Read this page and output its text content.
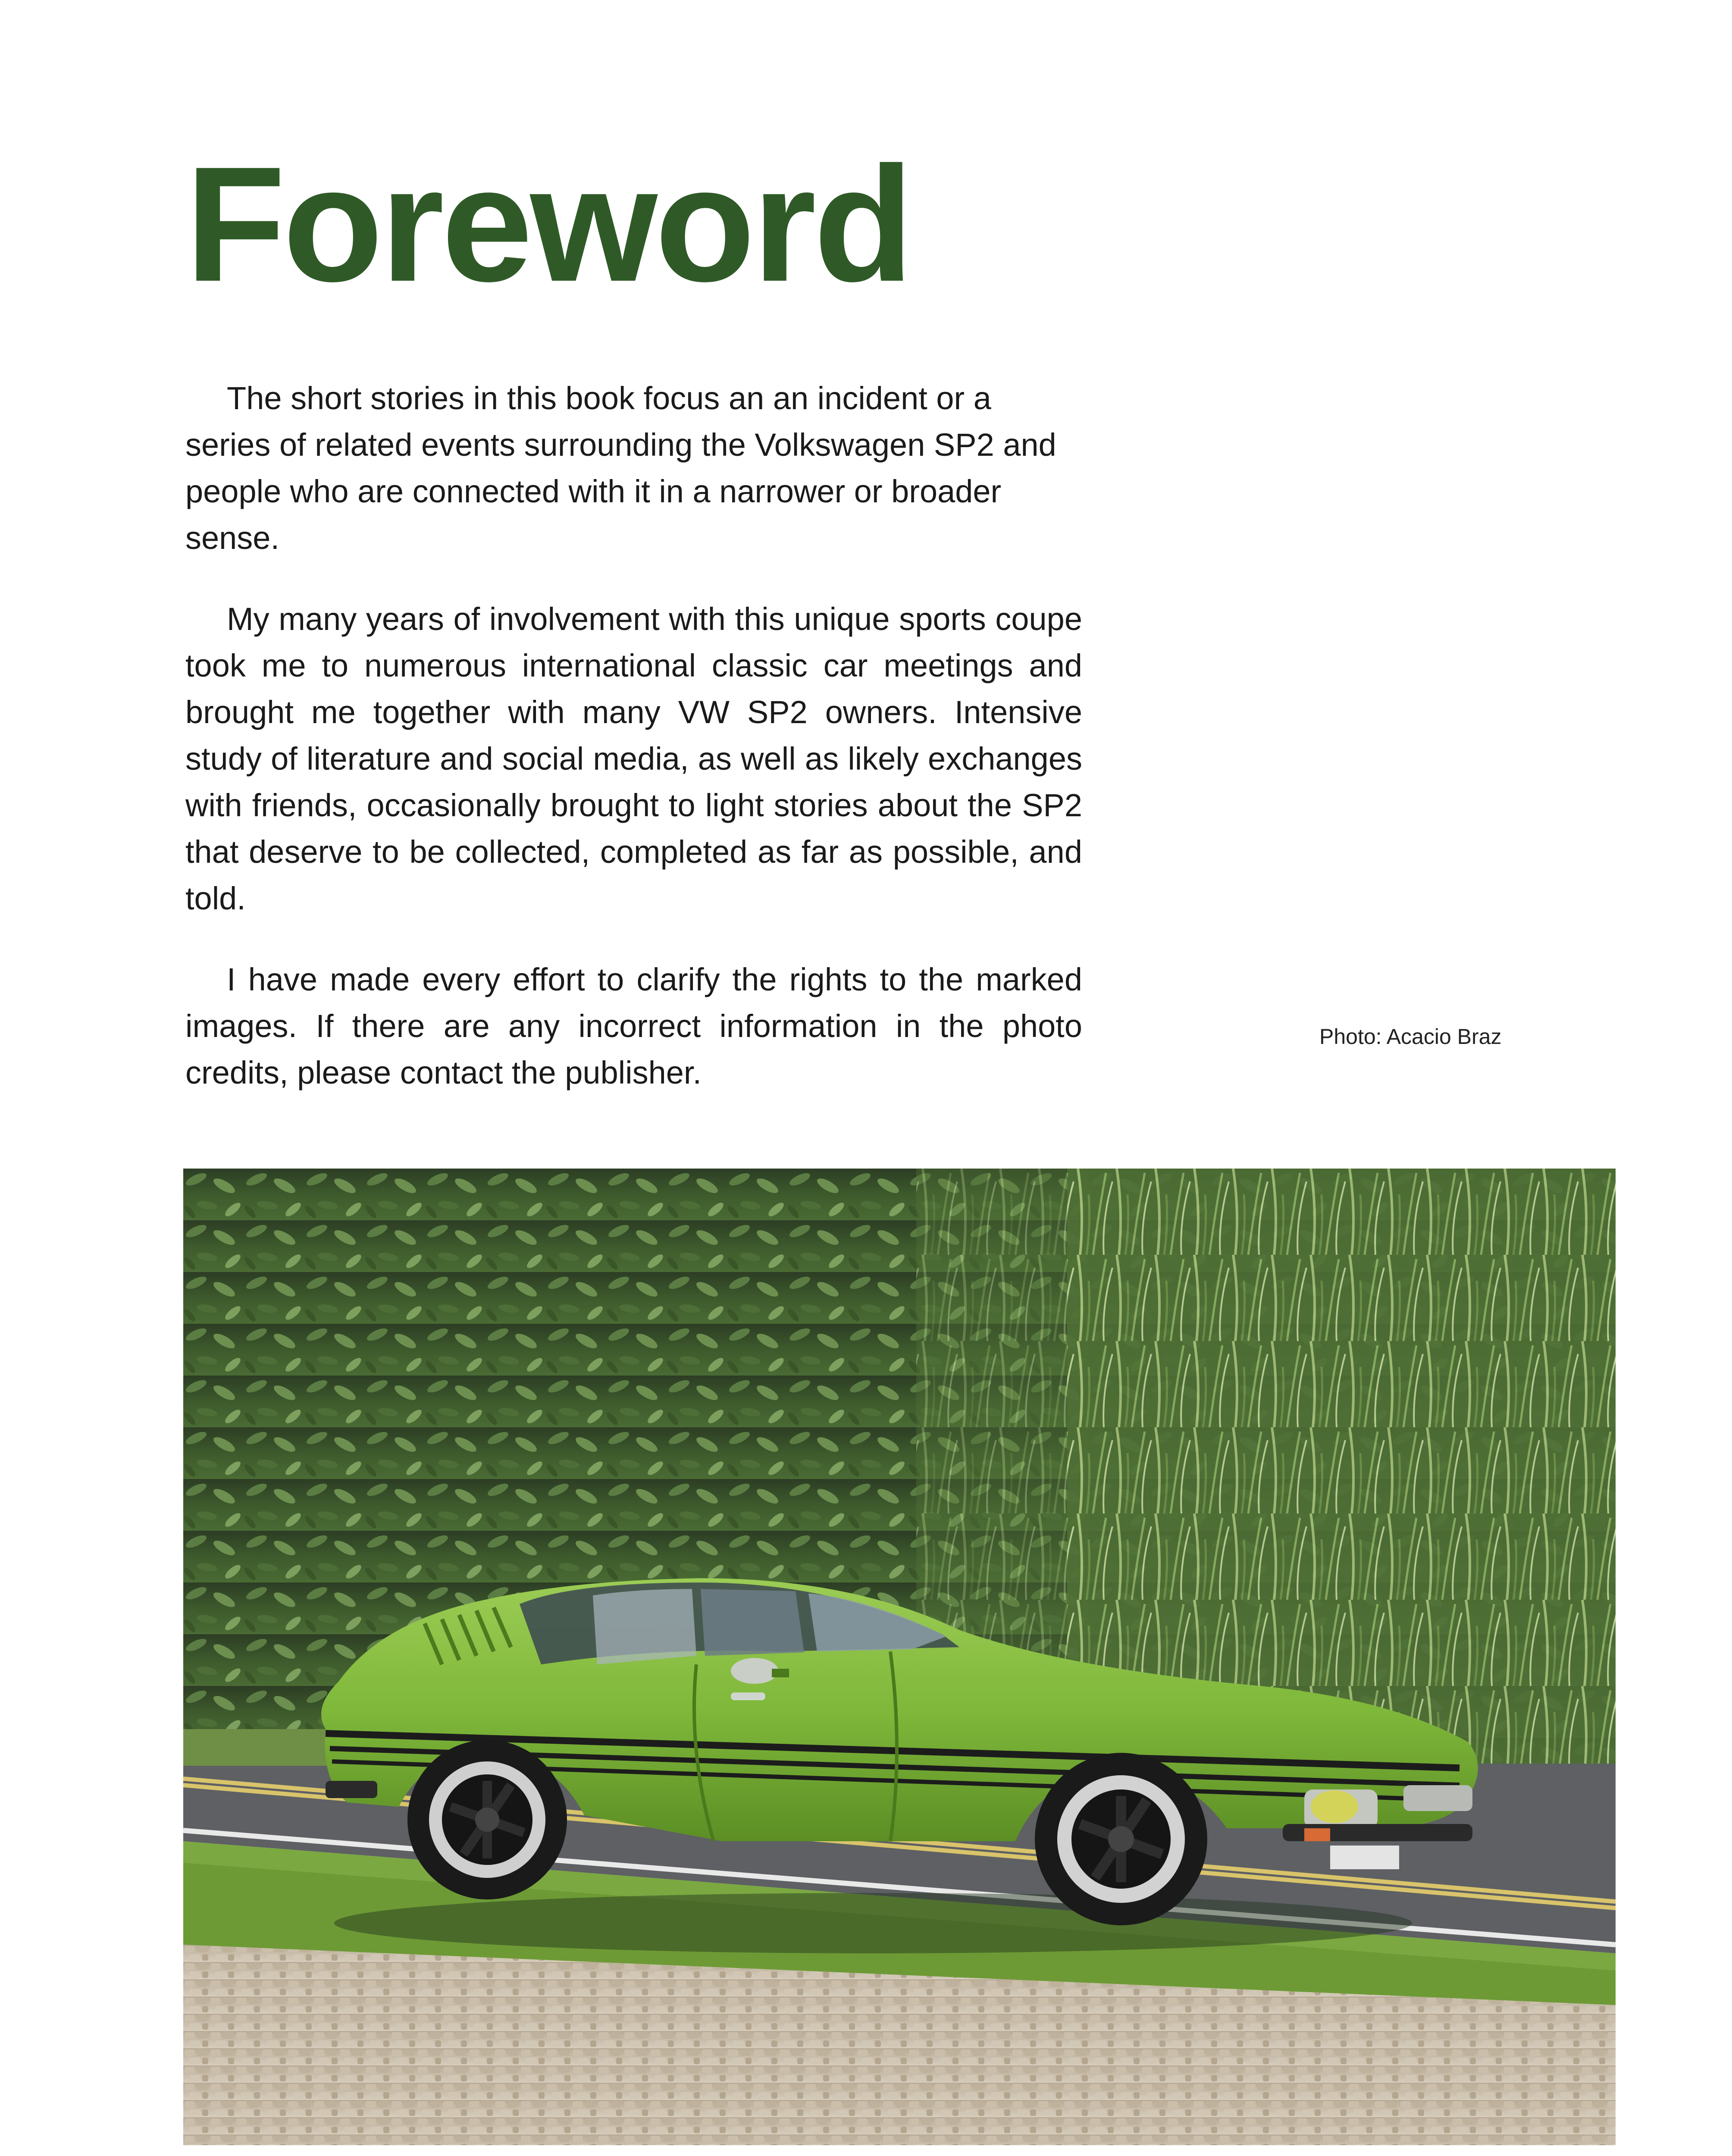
Foreword

The short stories in this book focus an an incident or a series of related events surrounding the Volkswagen SP2 and people who are connected with it in a narrower or broader sense.

My many years of involvement with this unique sports coupe took me to numerous international classic car meetings and brought me together with many VW SP2 owners. Intensive study of literature and social media, as well as likely exchanges with friends, occasionally brought to light stories about the SP2 that deserve to be collected, completed as far as possible, and told.

I have made every effort to clarify the rights to the marked images. If there are any incorrect information in the photo credits, please contact the publisher.

Photo: Acacio Braz
